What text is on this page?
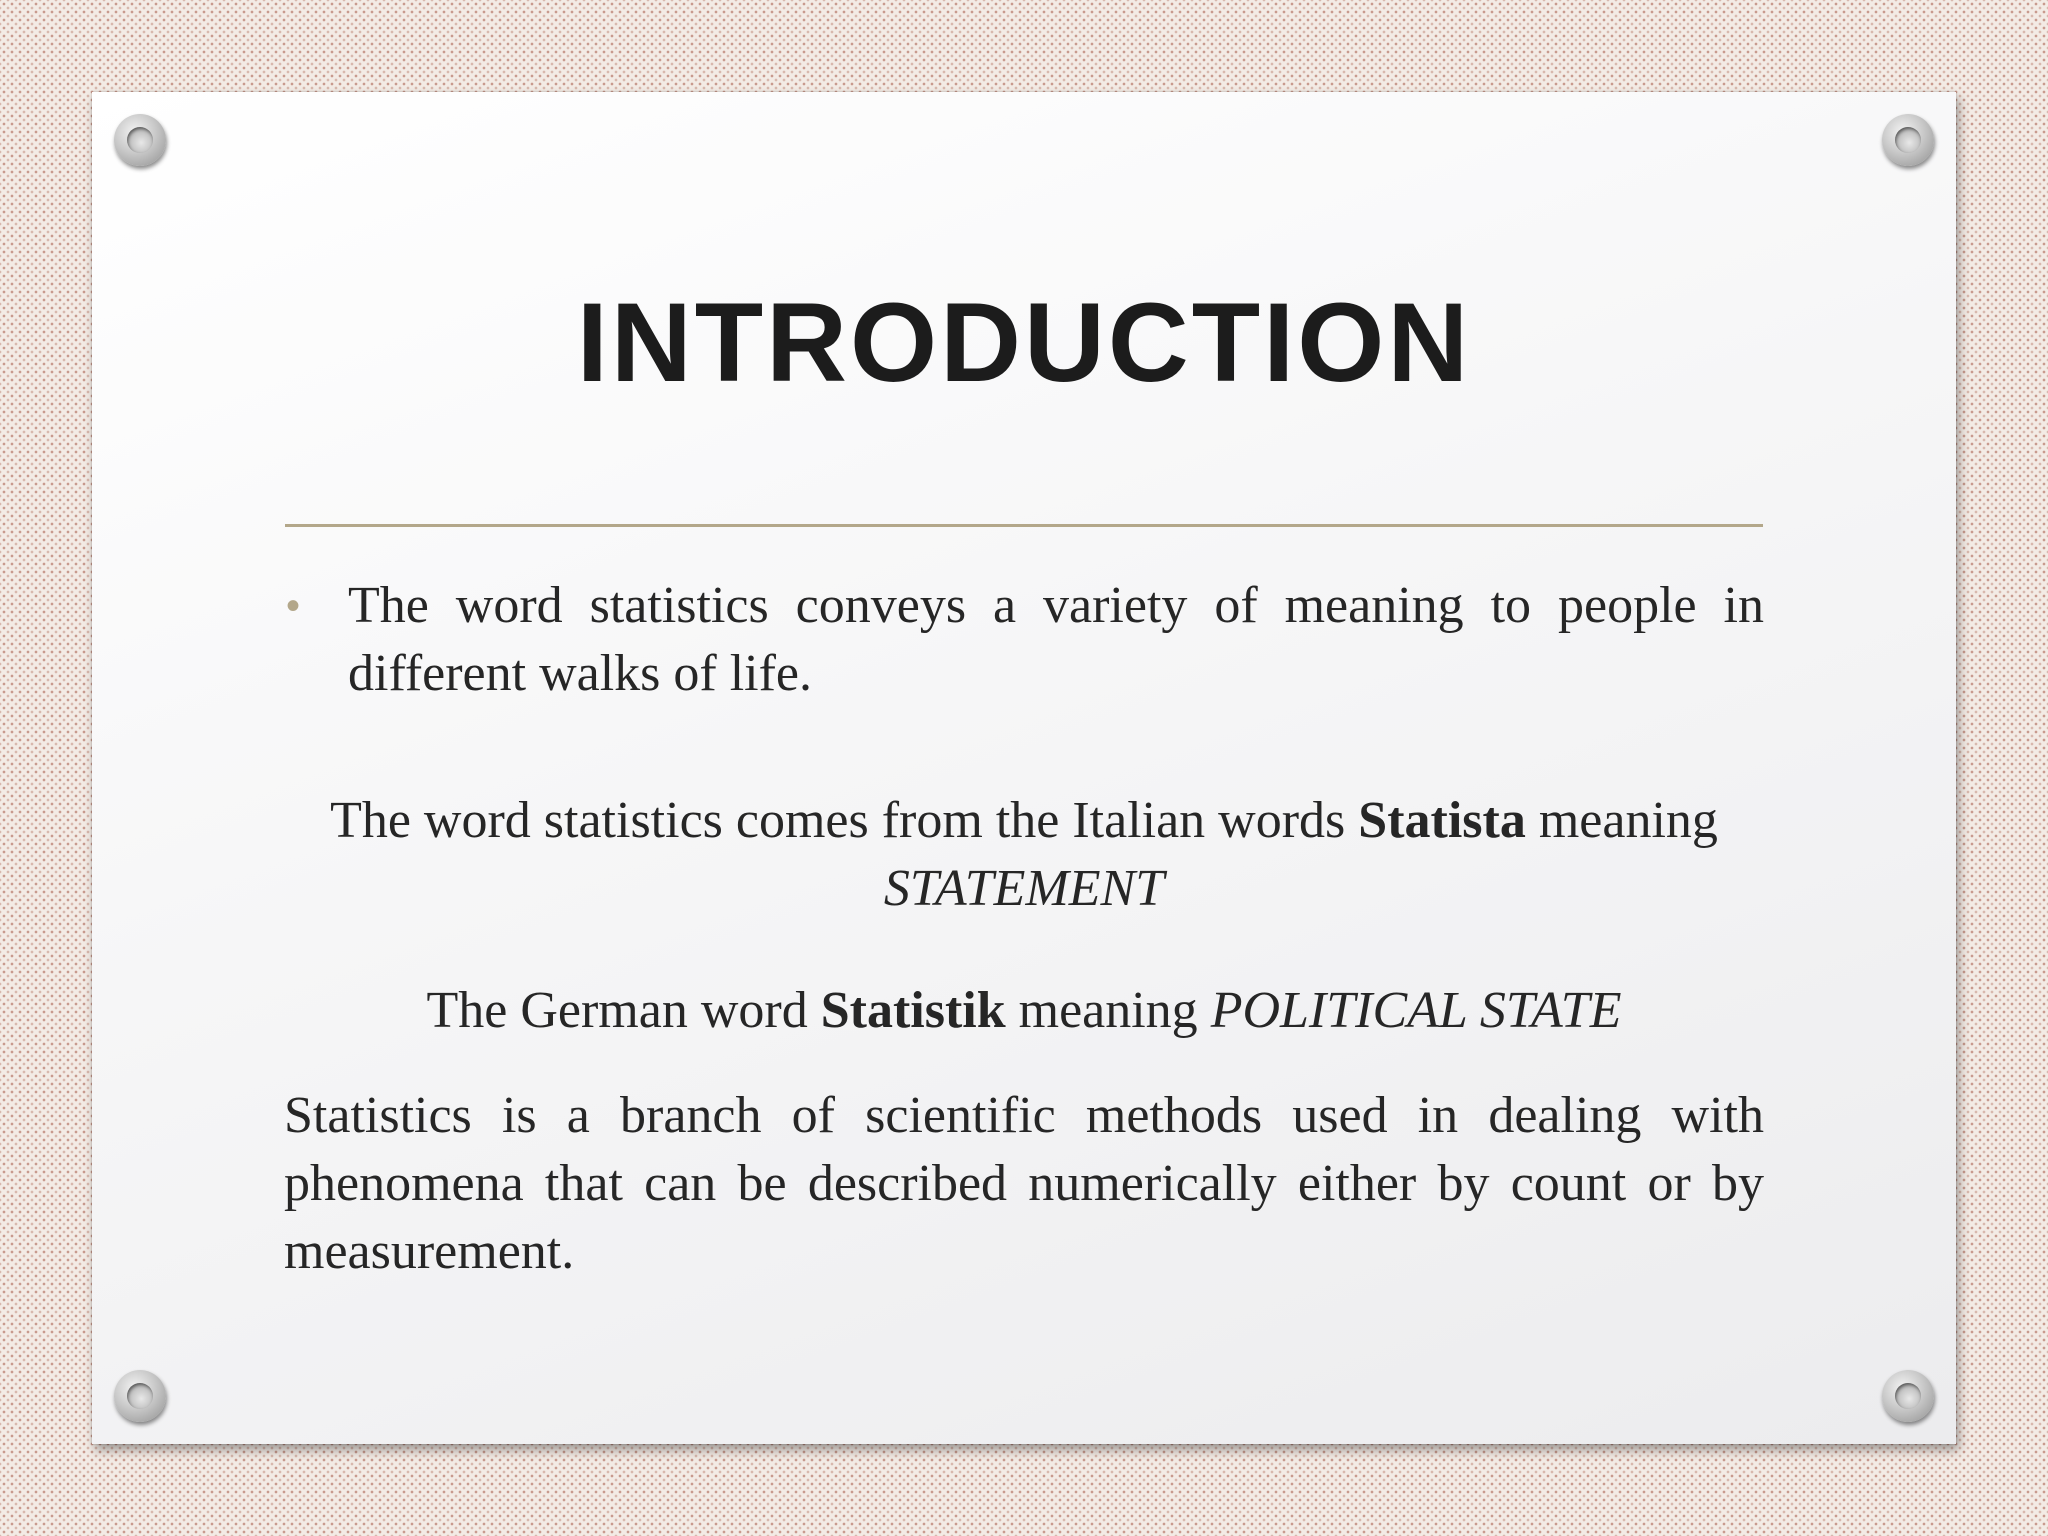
INTRODUCTION
• The word statistics conveys a variety of meaning to people in different walks of life.
The word statistics comes from the Italian words Statista meaning STATEMENT
The German word Statistik meaning POLITICAL STATE
Statistics is a branch of scientific methods used in dealing with phenomena that can be described numerically either by count or by measurement.
